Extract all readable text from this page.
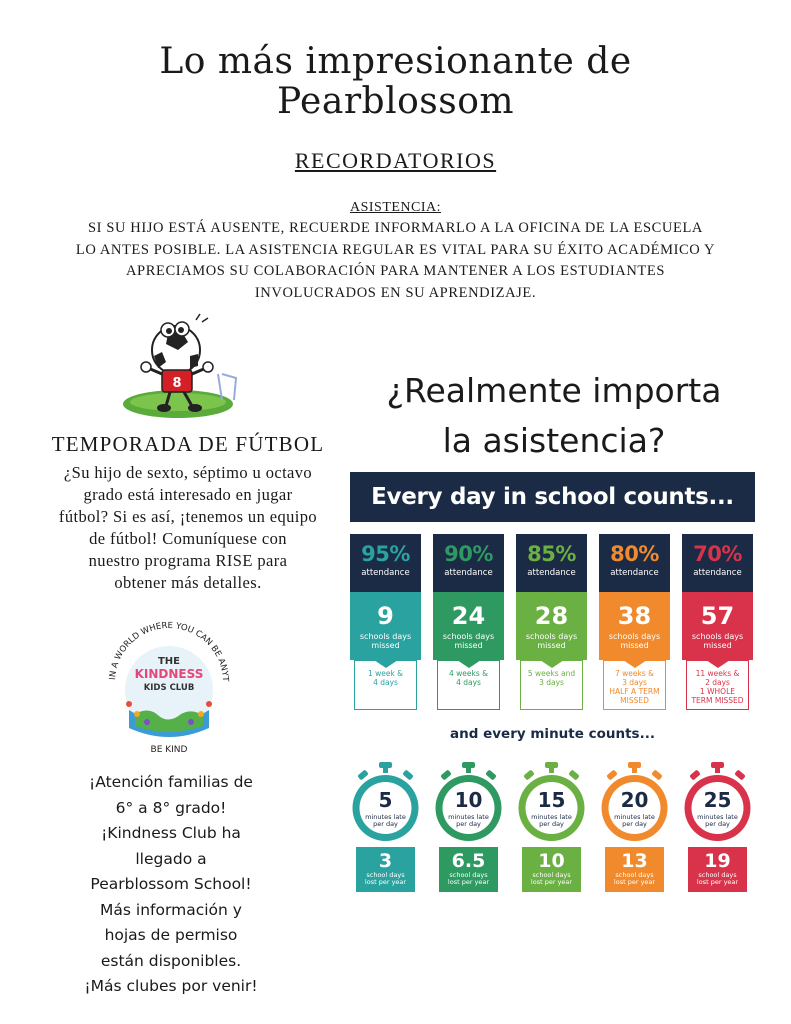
Lo más impresionante de
Pearblossom
RECORDATORIOS
ASISTENCIA:
SI SU HIJO ESTÁ AUSENTE, RECUERDE INFORMARLO A LA OFICINA DE LA ESCUELA
LO ANTES POSIBLE. LA ASISTENCIA REGULAR ES VITAL PARA SU ÉXITO ACADÉMICO Y
APRECIAMOS SU COLABORACIÓN PARA MANTENER A LOS ESTUDIANTES
INVOLUCRADOS EN SU APRENDIZAJE.
8
TEMPORADA DE FÚTBOL
¿Su hijo de sexto, séptimo u octavo
grado está interesado en jugar
fútbol? Si es así, ¡tenemos un equipo
de fútbol! Comuníquese con
nuestro programa RISE para
obtener más detalles.
IN A WORLD WHERE YOU CAN BE ANYT
THE
KINDNESS
KIDS CLUB
BE KIND
¡Atención familias de
6° a 8° grado!
¡Kindness Club ha
llegado a
Pearblossom School!
Más información y
hojas de permiso
están disponibles.
¡Más clubes por venir!
¿Realmente importa
la asistencia?
Every day in school counts...
95%
attendance
9
schools days
missed
1 week &
4 days
90%
attendance
24
schools days
missed
4 weeks &
4 days
85%
attendance
28
schools days
missed
5 weeks and
3 days
80%
attendance
38
schools days
missed
7 weeks &
3 days
HALF A TERM
MISSED
70%
attendance
57
schools days
missed
11 weeks &
2 days
1 WHOLE
TERM MISSED
and every minute counts...
5
minutes late
per day
3
school days
lost per year
10
minutes late
per day
6.5
school days
lost per year
15
minutes late
per day
10
school days
lost per year
20
minutes late
per day
13
school days
lost per year
25
minutes late
per day
19
school days
lost per year
